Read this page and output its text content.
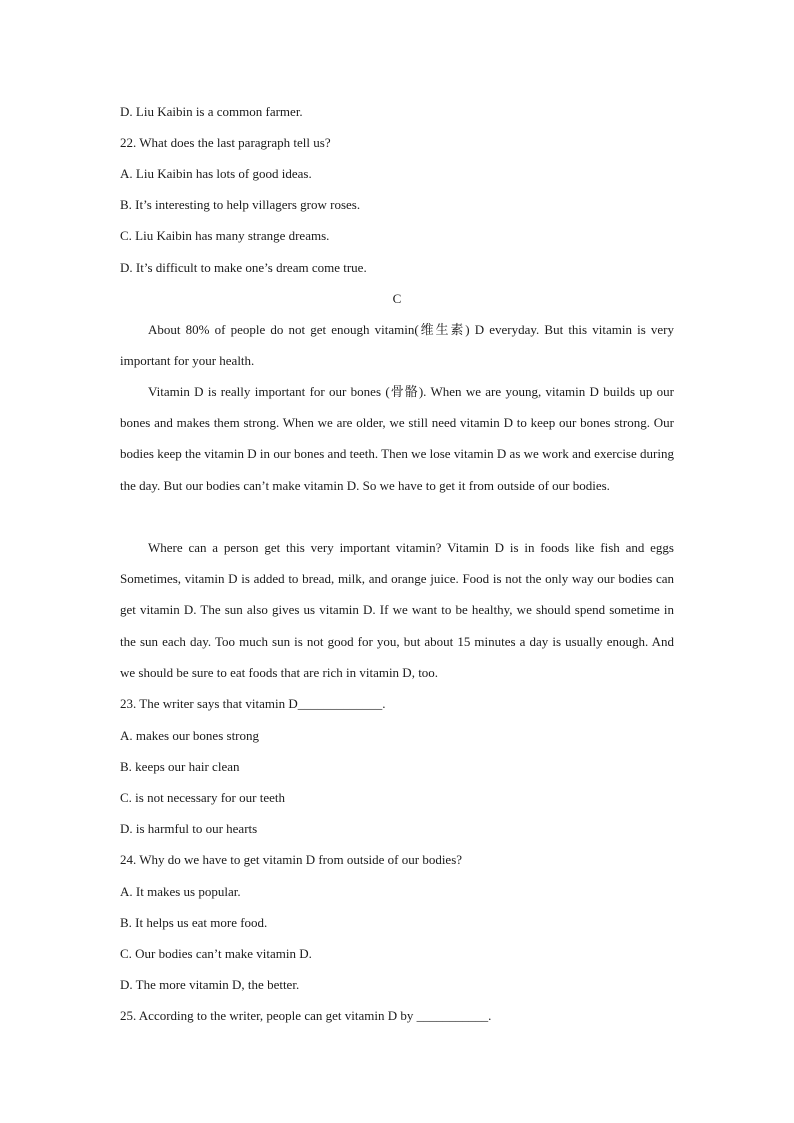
D. Liu Kaibin is a common farmer.
22. What does the last paragraph tell us?
A. Liu Kaibin has lots of good ideas.
B. It’s interesting to help villagers grow roses.
C. Liu Kaibin has many strange dreams.
D. It’s difficult to make one’s dream come true.
C
About 80% of people do not get enough vitamin(维生素) D everyday. But this vitamin is very important for your health.
Vitamin D is really important for our bones (骨骼). When we are young, vitamin D builds up our bones and makes them strong. When we are older, we still need vitamin D to keep our bones strong. Our bodies keep the vitamin D in our bones and teeth. Then we lose vitamin D as we work and exercise during the day. But our bodies can’t make vitamin D. So we have to get it from outside of our bodies.
Where can a person get this very important vitamin? Vitamin D is in foods like fish and eggs Sometimes, vitamin D is added to bread, milk, and orange juice. Food is not the only way our bodies can get vitamin D. The sun also gives us vitamin D. If we want to be healthy, we should spend sometime in the sun each day. Too much sun is not good for you, but about 15 minutes a day is usually enough. And we should be sure to eat foods that are rich in vitamin D, too.
23. The writer says that vitamin D_____________.
A. makes our bones strong
B. keeps our hair clean
C. is not necessary for our teeth
D. is harmful to our hearts
24. Why do we have to get vitamin D from outside of our bodies?
A. It makes us popular.
B. It helps us eat more food.
C. Our bodies can’t make vitamin D.
D. The more vitamin D, the better.
25. According to the writer, people can get vitamin D by ___________.
